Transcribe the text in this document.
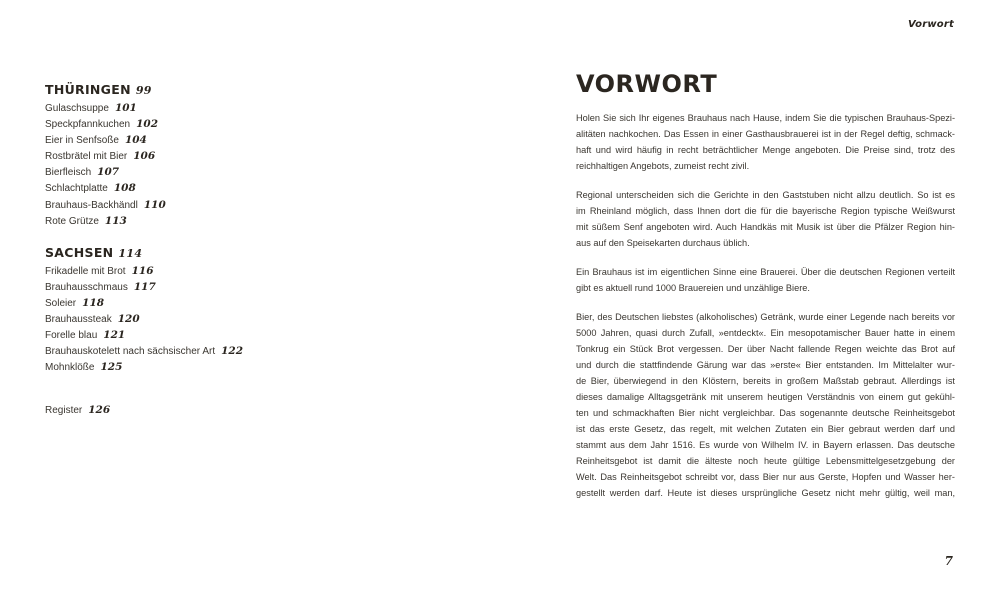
THÜRINGEN 99
Gulaschsuppe 101
Speckpfannkuchen 102
Eier in Senfsoße 104
Rostbrätel mit Bier 106
Bierfleisch 107
Schlachtplatte 108
Brauhaus-Backhändl 110
Rote Grütze 113
SACHSEN 114
Frikadelle mit Brot 116
Brauhausschmaus 117
Soleier 118
Brauhaussteak 120
Forelle blau 121
Brauhauskotelett nach sächsischer Art 122
Mohnklöße 125
Register 126
Vorwort
VORWORT
Holen Sie sich Ihr eigenes Brauhaus nach Hause, indem Sie die typischen Brauhaus-Spezi-
alitäten nachkochen. Das Essen in einer Gasthausbrauerei ist in der Regel deftig, schmack-
haft und wird häufig in recht beträchtlicher Menge angeboten. Die Preise sind, trotz des
reichhaltigen Angebots, zumeist recht zivil.
Regional unterscheiden sich die Gerichte in den Gaststuben nicht allzu deutlich. So ist es
im Rheinland möglich, dass Ihnen dort die für die bayerische Region typische Weißwurst
mit süßem Senf angeboten wird. Auch Handkäs mit Musik ist über die Pfälzer Region hin-
aus auf den Speisekarten durchaus üblich.
Ein Brauhaus ist im eigentlichen Sinne eine Brauerei. Über die deutschen Regionen verteilt
gibt es aktuell rund 1000 Brauereien und unzählige Biere.
Bier, des Deutschen liebstes (alkoholisches) Getränk, wurde einer Legende nach bereits vor
5000 Jahren, quasi durch Zufall, »entdeckt«. Ein mesopotamischer Bauer hatte in einem
Tonkrug ein Stück Brot vergessen. Der über Nacht fallende Regen weichte das Brot auf
und durch die stattfindende Gärung war das »erste« Bier entstanden. Im Mittelalter wur-
de Bier, überwiegend in den Klöstern, bereits in großem Maßstab gebraut. Allerdings ist
dieses damalige Alltagsgetränk mit unserem heutigen Verständnis von einem gut gekühl-
ten und schmackhaften Bier nicht vergleichbar. Das sogenannte deutsche Reinheitsgebot
ist das erste Gesetz, das regelt, mit welchen Zutaten ein Bier gebraut werden darf und
stammt aus dem Jahr 1516. Es wurde von Wilhelm IV. in Bayern erlassen. Das deutsche
Reinheitsgebot ist damit die älteste noch heute gültige Lebensmittelgesetzgebung der
Welt. Das Reinheitsgebot schreibt vor, dass Bier nur aus Gerste, Hopfen und Wasser her-
gestellt werden darf. Heute ist dieses ursprüngliche Gesetz nicht mehr gültig, weil man,
7
